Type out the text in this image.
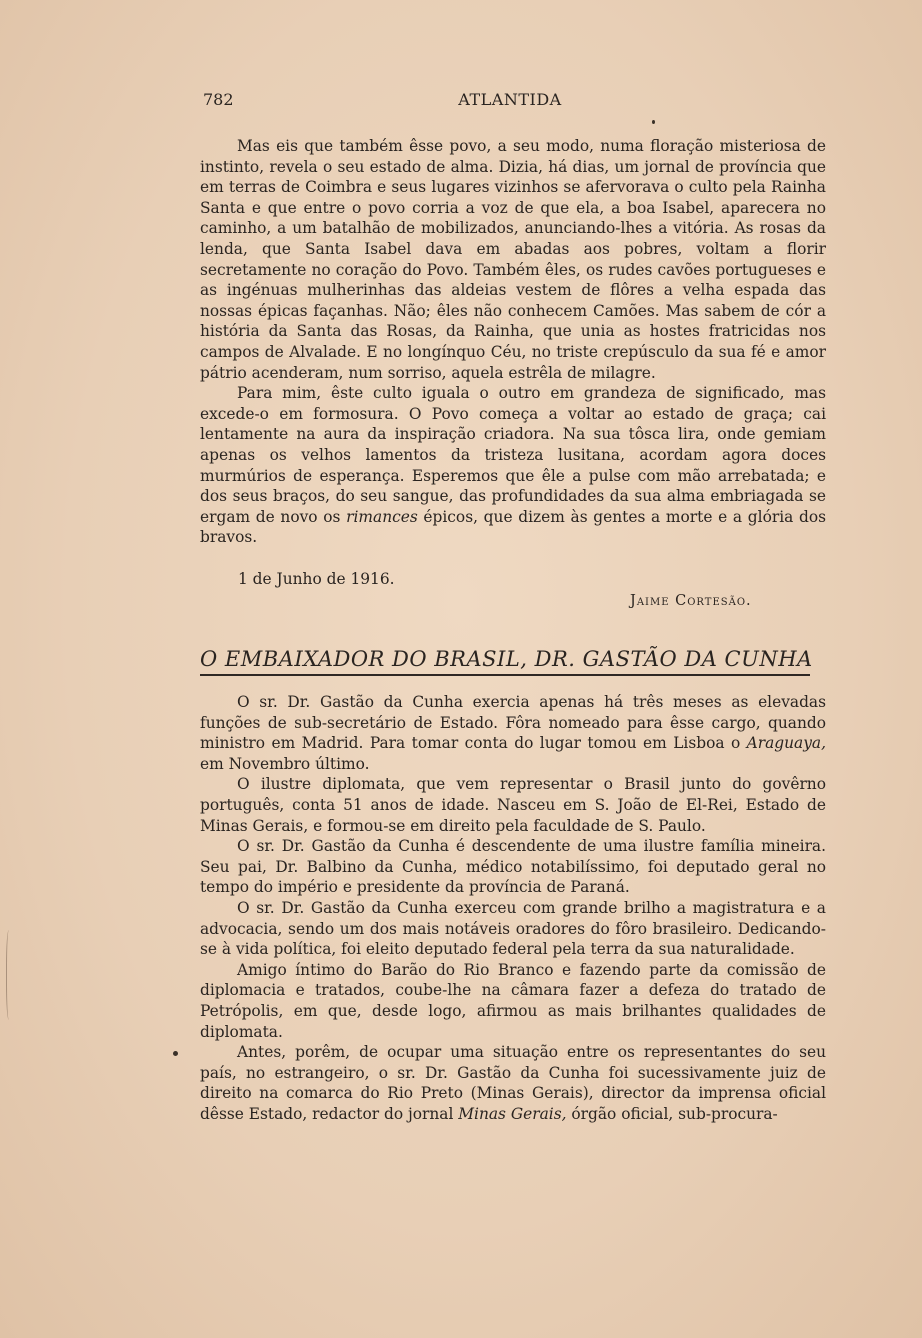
782	ATLANTIDA

Mas eis que também êsse povo, a seu modo, numa floração misteriosa de instinto, revela o seu estado de alma. Dizia, há dias, um jornal de província que em terras de Coimbra e seus lugares vizinhos se afervorava o culto pela Rainha Santa e que entre o povo corria a voz de que ela, a boa Isabel, aparecera no caminho, a um batalhão de mobilizados, anunciando-lhes a vitória. As rosas da lenda, que Santa Isabel dava em abadas aos pobres, voltam a florir secretamente no coração do Povo. Também êles, os rudes cavões portugueses e as ingénuas mulherinhas das aldeias vestem de flôres a velha espada das nossas épicas façanhas. Não; êles não conhecem Camões. Mas sabem de cór a história da Santa das Rosas, da Rainha, que unia as hostes fratricidas nos campos de Alvalade. E no longínquo Céu, no triste crepúsculo da sua fé e amor pátrio acenderam, num sorriso, aquela estrêla de milagre.

Para mim, êste culto iguala o outro em grandeza de significado, mas excede-o em formosura. O Povo começa a voltar ao estado de graça; cai lentamente na aura da inspiração criadora. Na sua tôsca lira, onde gemiam apenas os velhos lamentos da tristeza lusitana, acordam agora doces murmúrios de esperança. Esperemos que êle a pulse com mão arrebatada; e dos seus braços, do seu sangue, das profundidades da sua alma embriagada se ergam de novo os rimances épicos, que dizem às gentes a morte e a glória dos bravos.

1 de Junho de 1916.
Jaime Cortesão.
O EMBAIXADOR DO BRASIL, DR. GASTÃO DA CUNHA

O sr. Dr. Gastão da Cunha exercia apenas há três meses as elevadas funções de sub-secretário de Estado. Fôra nomeado para êsse cargo, quando ministro em Madrid. Para tomar conta do lugar tomou em Lisboa o Araguaya, em Novembro último.

O ilustre diplomata, que vem representar o Brasil junto do govêrno português, conta 51 anos de idade. Nasceu em S. João de El-Rei, Estado de Minas Gerais, e formou-se em direito pela faculdade de S. Paulo.

O sr. Dr. Gastão da Cunha é descendente de uma ilustre família mineira. Seu pai, Dr. Balbino da Cunha, médico notabilíssimo, foi deputado geral no tempo do império e presidente da província de Paraná.

O sr. Dr. Gastão da Cunha exerceu com grande brilho a magistratura e a advocacia, sendo um dos mais notáveis oradores do fôro brasileiro. Dedicando-se à vida política, foi eleito deputado federal pela terra da sua naturalidade.

Amigo íntimo do Barão do Rio Branco e fazendo parte da comissão de diplomacia e tratados, coube-lhe na câmara fazer a defeza do tratado de Petrópolis, em que, desde logo, afirmou as mais brilhantes qualidades de diplomata.

Antes, porêm, de ocupar uma situação entre os representantes do seu país, no estrangeiro, o sr. Dr. Gastão da Cunha foi sucessivamente juiz de direito na comarca do Rio Preto (Minas Gerais), director da imprensa oficial dêsse Estado, redactor do jornal Minas Gerais, órgão oficial, sub-procura-
